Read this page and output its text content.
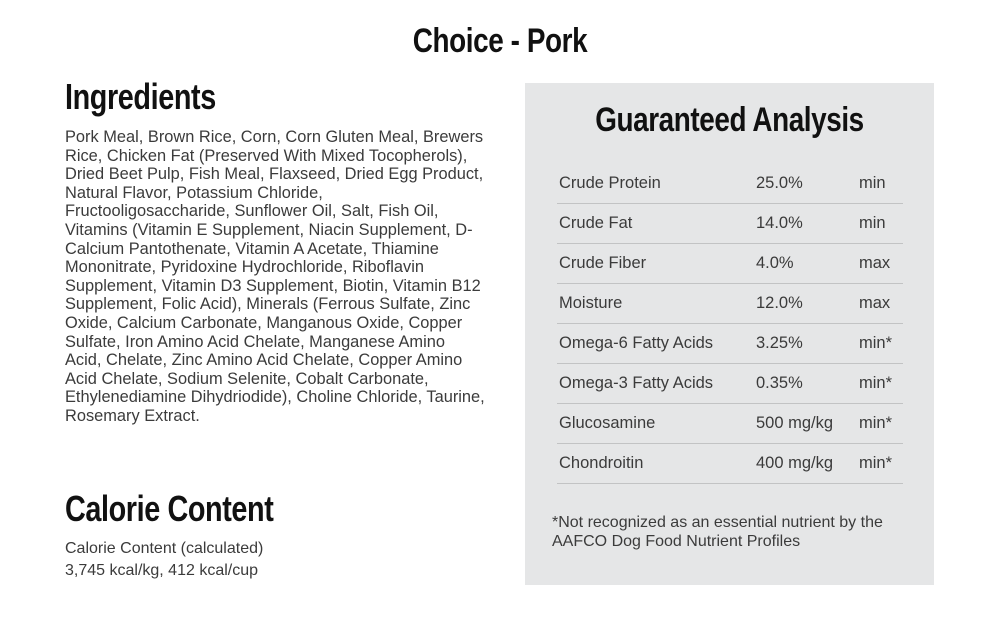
Choice - Pork
Ingredients

Pork Meal, Brown Rice, Corn, Corn Gluten Meal, Brewers Rice, Chicken Fat (Preserved With Mixed Tocopherols), Dried Beet Pulp, Fish Meal, Flaxseed, Dried Egg Product, Natural Flavor, Potassium Chloride, Fructooligosaccharide, Sunflower Oil, Salt, Fish Oil, Vitamins (Vitamin E Supplement, Niacin Supplement, D-Calcium Pantothenate, Vitamin A Acetate, Thiamine Mononitrate, Pyridoxine Hydrochloride, Riboflavin Supplement, Vitamin D3 Supplement, Biotin, Vitamin B12 Supplement, Folic Acid), Minerals (Ferrous Sulfate, Zinc Oxide, Calcium Carbonate, Manganous Oxide, Copper Sulfate, Iron Amino Acid Chelate, Manganese Amino Acid, Chelate, Zinc Amino Acid Chelate, Copper Amino Acid Chelate, Sodium Selenite, Cobalt Carbonate, Ethylenediamine Dihydriodide), Choline Chloride, Taurine, Rosemary Extract.

Calorie Content
Calorie Content (calculated)
3,745 kcal/kg, 412 kcal/cup
Guaranteed Analysis
Crude Protein	25.0%	min
Crude Fat	14.0%	min
Crude Fiber	4.0%	max
Moisture	12.0%	max
Omega-6 Fatty Acids	3.25%	min*
Omega-3 Fatty Acids	0.35%	min*
Glucosamine	500 mg/kg	min*
Chondroitin	400 mg/kg	min*
*Not recognized as an essential nutrient by the AAFCO Dog Food Nutrient Profiles
